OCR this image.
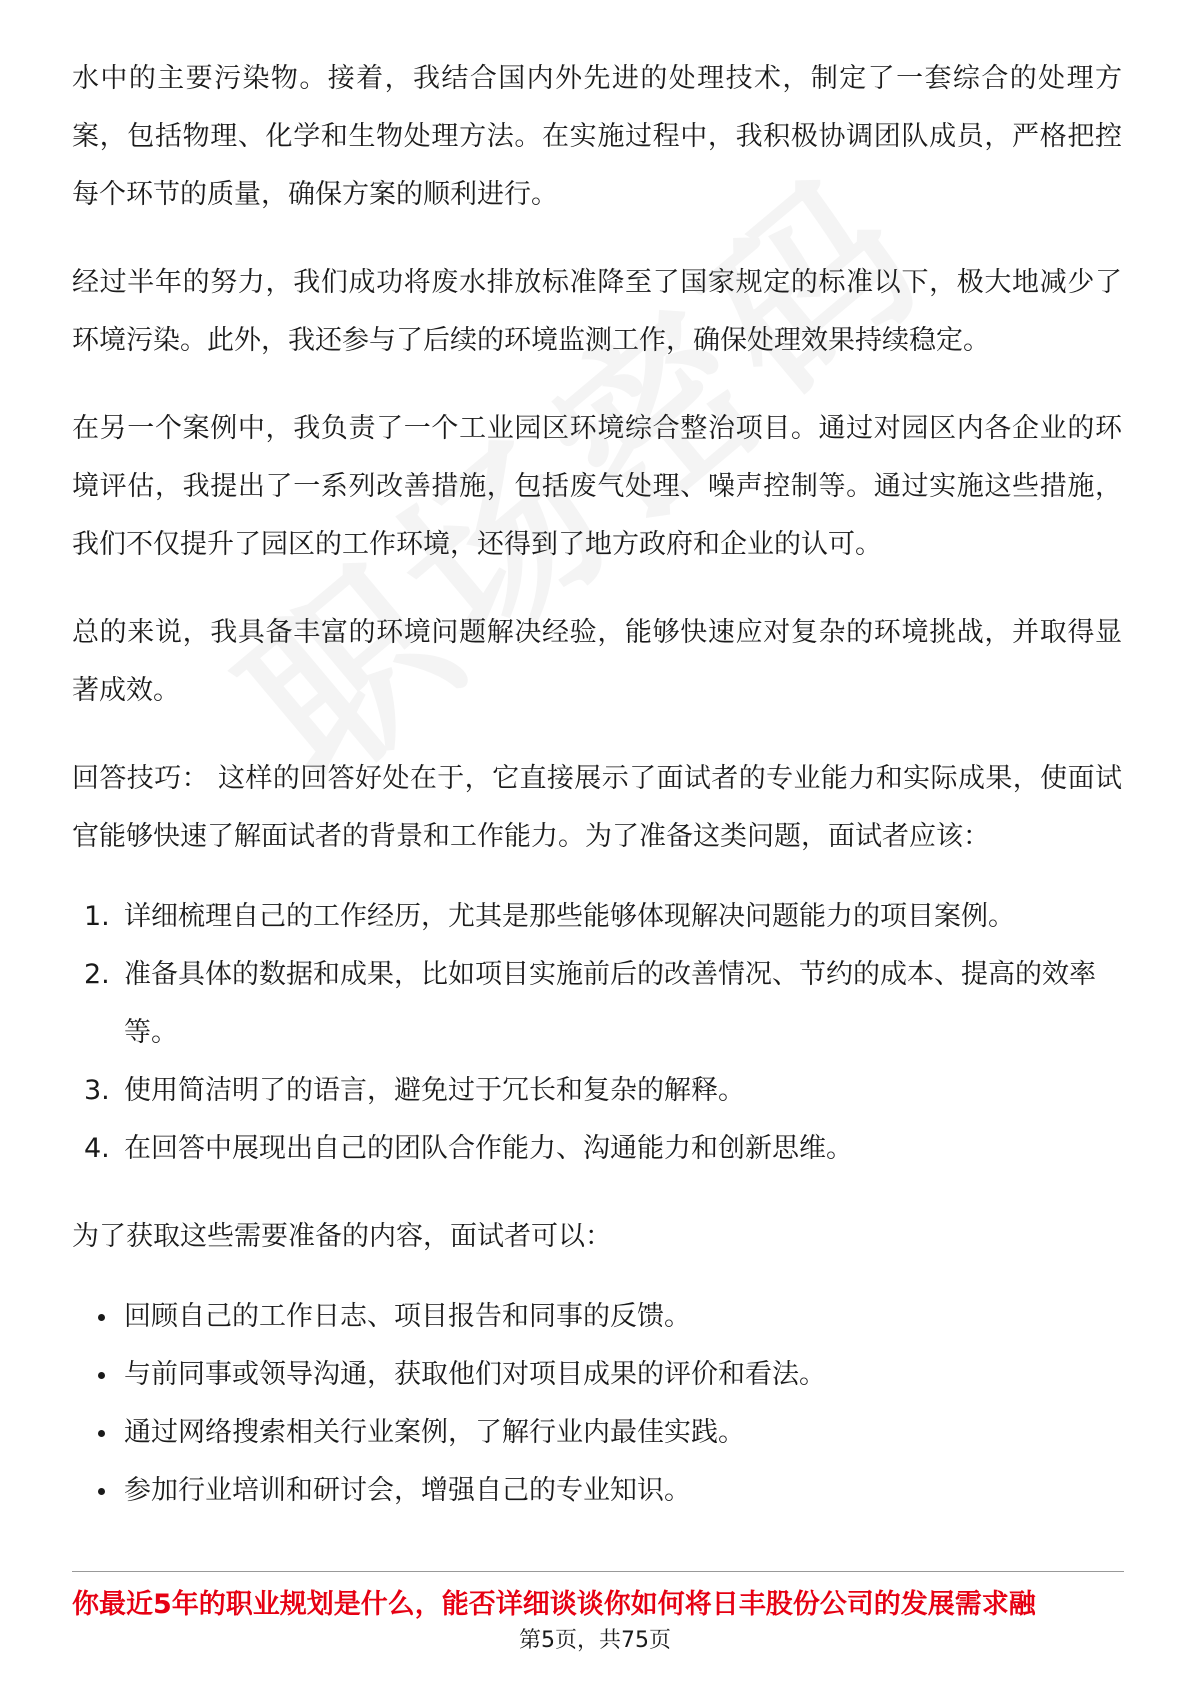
水中的主要污染物。接着，我结合国内外先进的处理技术，制定了一套综合的处理方案，包括物理、化学和生物处理方法。在实施过程中，我积极协调团队成员，严格把控每个环节的质量，确保方案的顺利进行。

经过半年的努力，我们成功将废水排放标准降至了国家规定的标准以下，极大地减少了环境污染。此外，我还参与了后续的环境监测工作，确保处理效果持续稳定。

在另一个案例中，我负责了一个工业园区环境综合整治项目。通过对园区内各企业的环境评估，我提出了一系列改善措施，包括废气处理、噪声控制等。通过实施这些措施，我们不仅提升了园区的工作环境，还得到了地方政府和企业的认可。

总的来说，我具备丰富的环境问题解决经验，能够快速应对复杂的环境挑战，并取得显著成效。

回答技巧： 这样的回答好处在于，它直接展示了面试者的专业能力和实际成果，使面试官能够快速了解面试者的背景和工作能力。为了准备这类问题，面试者应该：

1. 详细梳理自己的工作经历，尤其是那些能够体现解决问题能力的项目案例。
2. 准备具体的数据和成果，比如项目实施前后的改善情况、节约的成本、提高的效率等。
3. 使用简洁明了的语言，避免过于冗长和复杂的解释。
4. 在回答中展现出自己的团队合作能力、沟通能力和创新思维。

为了获取这些需要准备的内容，面试者可以：

回顾自己的工作日志、项目报告和同事的反馈。
与前同事或领导沟通，获取他们对项目成果的评价和看法。
通过网络搜索相关行业案例，了解行业内最佳实践。
参加行业培训和研讨会，增强自己的专业知识。
你最近5年的职业规划是什么，能否详细谈谈你如何将日丰股份公司的发展需求融
第5页，共75页
